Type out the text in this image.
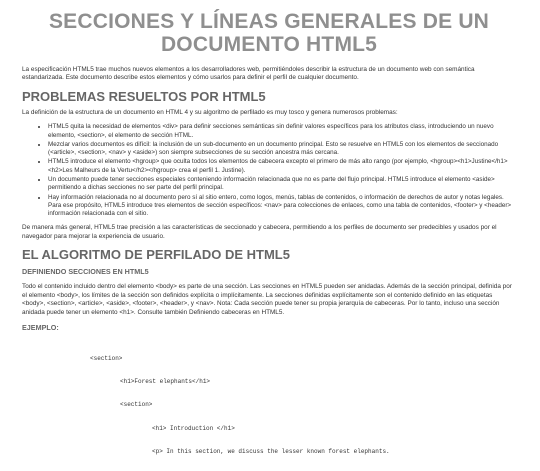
SECCIONES Y LÍNEAS GENERALES DE UN DOCUMENTO HTML5

La especificación HTML5 trae muchos nuevos elementos a los desarrolladores web, permitiéndoles describir la estructura de un documento web con semántica estandarizada. Este documento describe estos elementos y cómo usarlos para definir el perfil de cualquier documento.

PROBLEMAS RESUELTOS POR HTML5

La definición de la estructura de un documento en HTML 4 y su algoritmo de perfilado es muy tosco y genera numerosos problemas:

• HTML5 quita la necesidad de elementos <div> para definir secciones semánticas sin definir valores específicos para los atributos class, introduciendo un nuevo elemento, <section>, el elemento de sección HTML.
• Mezclar varios documentos es difícil: la inclusión de un sub-documento en un documento principal. Esto se resuelve en HTML5 con los elementos de seccionado (<article>, <section>, <nav> y <aside>) son siempre subsecciones de su sección ancestra más cercana.
• HTML5 introduce el elemento <hgroup> que oculta todos los elementos de cabecera excepto el primero de más alto rango (por ejemplo, <hgroup><h1>Justine</h1><h2>Les Malheurs de la Vertu</h2></hgroup> crea el perfil 1. Justine).
• Un documento puede tener secciones especiales conteniendo información relacionada que no es parte del flujo principal. HTML5 introduce el elemento <aside> permitiendo a dichas secciones no ser parte del perfil principal.
• Hay información relacionada no al documento pero sí al sitio entero, como logos, menús, tablas de contenidos, o información de derechos de autor y notas legales. Para ese propósito, HTML5 introduce tres elementos de sección específicos: <nav> para colecciones de enlaces, como una tabla de contenidos, <footer> y <header> información relacionada con el sitio.

De manera más general, HTML5 trae precisión a las características de seccionado y cabecera, permitiendo a los perfiles de documento ser predecibles y usados por el navegador para mejorar la experiencia de usuario.

EL ALGORITMO DE PERFILADO DE HTML5
DEFINIENDO SECCIONES EN HTML5

Todo el contenido incluido dentro del elemento <body> es parte de una sección. Las secciones en HTML5 pueden ser anidadas. Además de la sección principal, definida por el elemento <body>, los límites de la sección son definidos explícita o implícitamente. La secciones definidas explícitamente son el contenido definido en las etiquetas <body>, <section>, <article>, <aside>, <footer>, <header>, y <nav>. Nota: Cada sección puede tener su propia jerarquía de cabeceras. Por lo tanto, incluso una sección anidada puede tener un elemento <h1>. Consulte también Definiendo cabeceras en HTML5.

EJEMPLO:

<section>

<h1>Forest elephants</h1>

<section>

<h1> Introduction </h1>

<p> In this section, we discuss the lesser known forest elephants.
